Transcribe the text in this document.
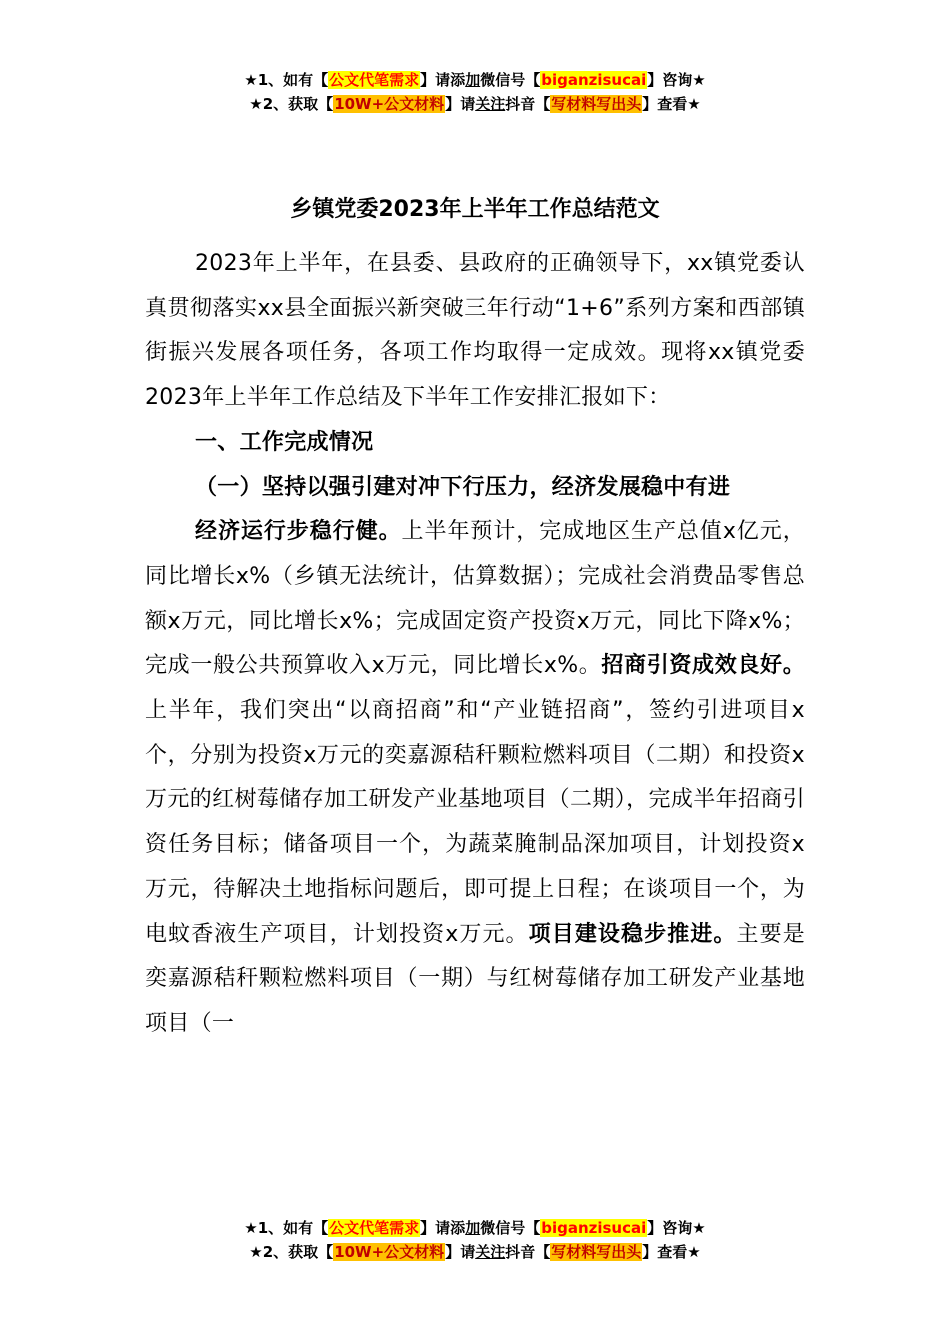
★1、如有【公文代笔需求】请添加微信号【biganzisucai】咨询★
★2、获取【10W+公文材料】请关注抖音【写材料写出头】查看★
乡镇党委2023年上半年工作总结范文

2023年上半年，在县委、县政府的正确领导下，xx镇党委认真贯彻落实xx县全面振兴新突破三年行动“1+6”系列方案和西部镇街振兴发展各项任务，各项工作均取得一定成效。现将xx镇党委2023年上半年工作总结及下半年工作安排汇报如下：

一、工作完成情况

（一）坚持以强引建对冲下行压力，经济发展稳中有进

经济运行步稳行健。上半年预计，完成地区生产总值x亿元，同比增长x%（乡镇无法统计，估算数据）；完成社会消费品零售总额x万元，同比增长x%；完成固定资产投资x万元，同比下降x%；完成一般公共预算收入x万元，同比增长x%。招商引资成效良好。上半年，我们突出“以商招商”和“产业链招商”，签约引进项目x个，分别为投资x万元的奕嘉源秸秆颗粒燃料项目（二期）和投资x万元的红树莓储存加工研发产业基地项目（二期），完成半年招商引资任务目标；储备项目一个，为蔬菜腌制品深加项目，计划投资x万元，待解决土地指标问题后，即可提上日程；在谈项目一个，为电蚊香液生产项目，计划投资x万元。项目建设稳步推进。主要是奕嘉源秸秆颗粒燃料项目（一期）与红树莓储存加工研发产业基地项目（一

★1、如有【公文代笔需求】请添加微信号【biganzisucai】咨询★
★2、获取【10W+公文材料】请关注抖音【写材料写出头】查看★
